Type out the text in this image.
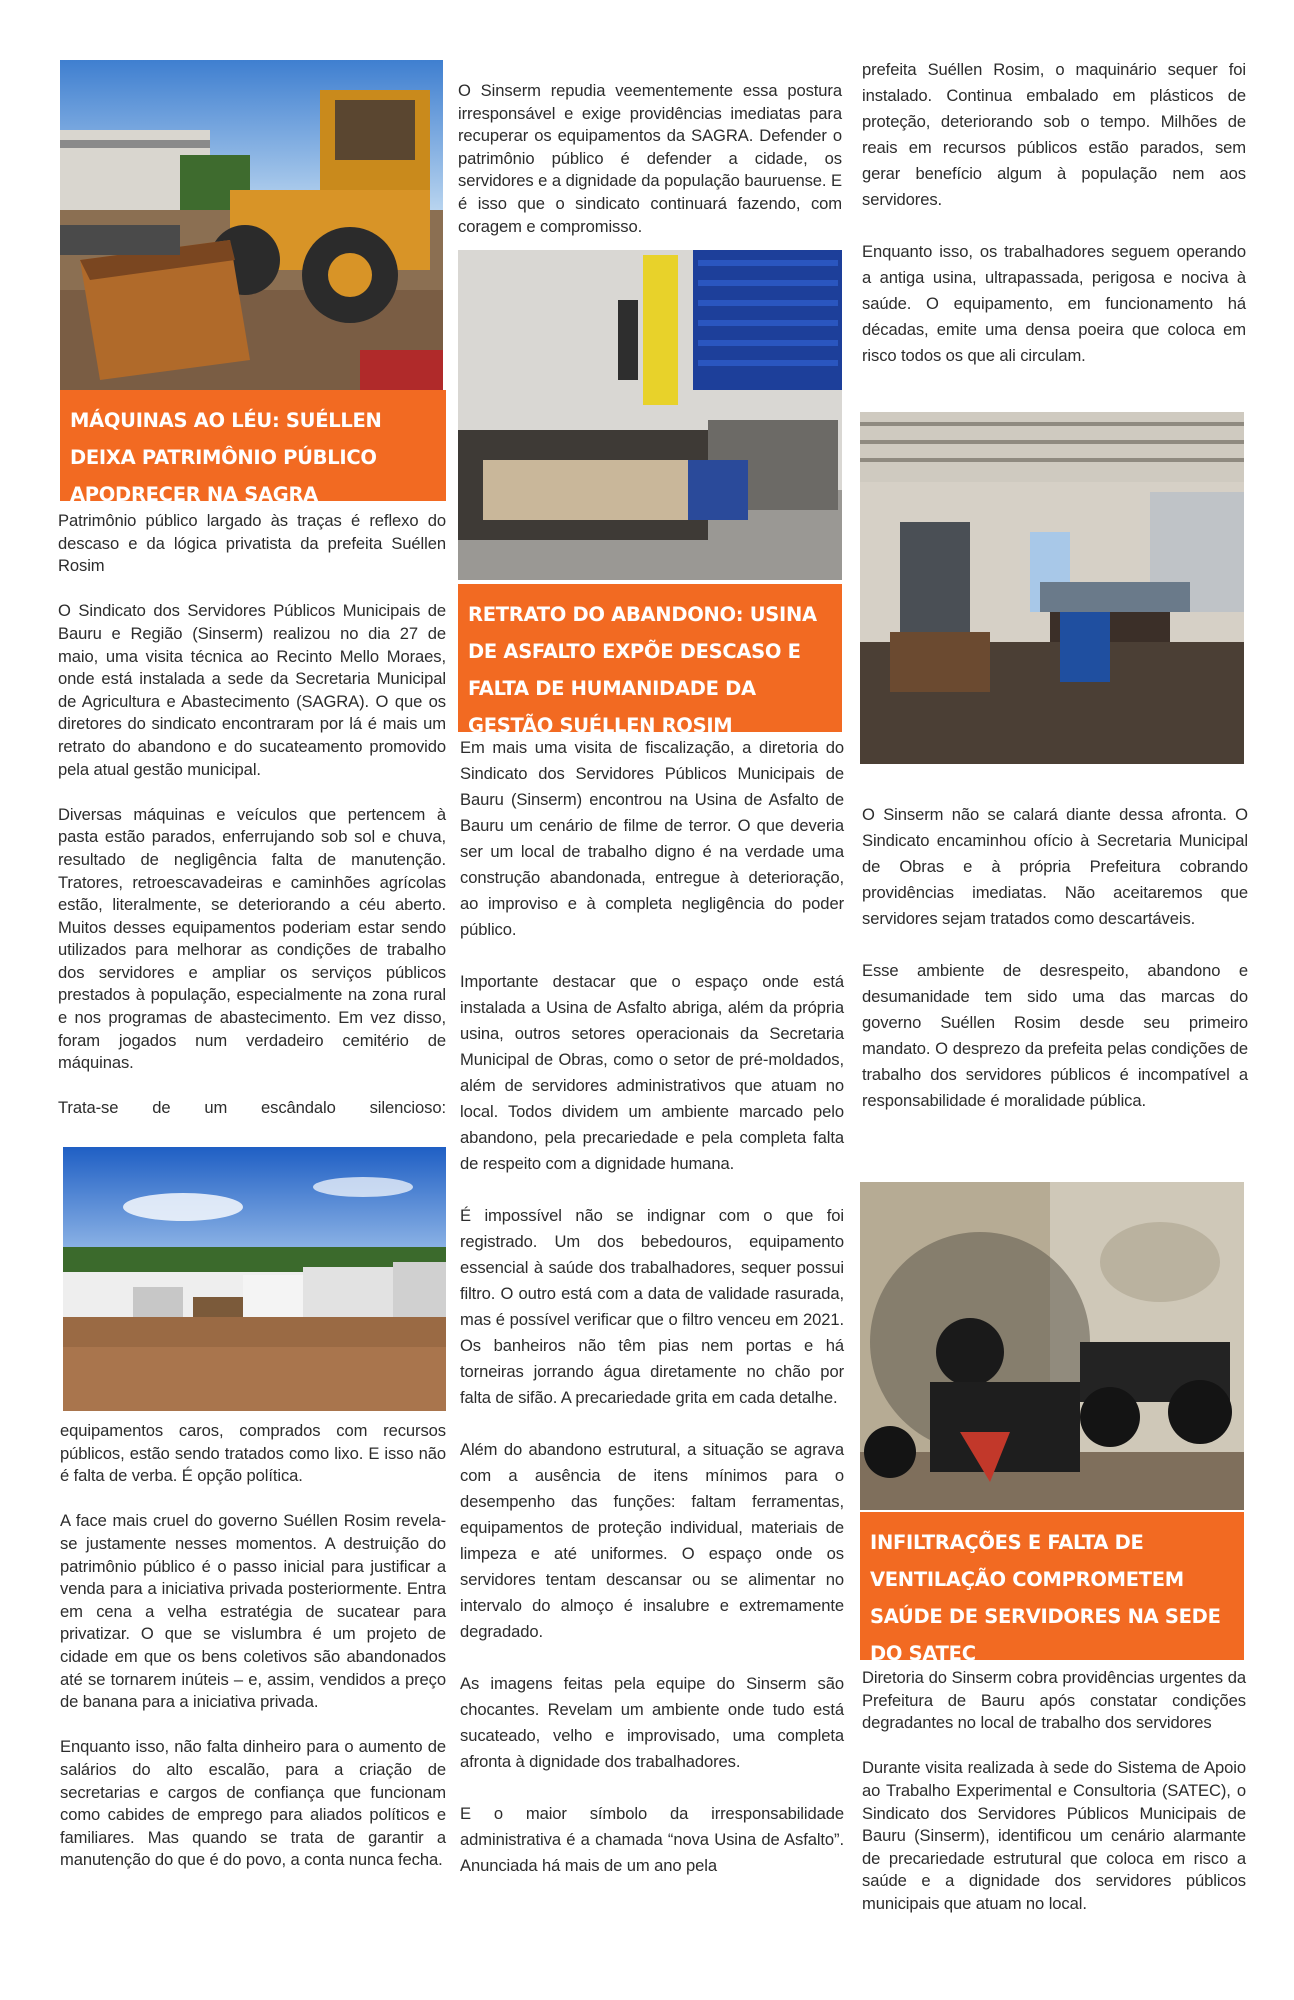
MÁQUINAS AO LÉU: SUÉLLEN DEIXA PATRIMÔNIO PÚBLICO APODRECER NA SAGRA

Patrimônio público largado às traças é reflexo do descaso e da lógica privatista da prefeita Suéllen Rosim

O Sindicato dos Servidores Públicos Municipais de Bauru e Região (Sinserm) realizou no dia 27 de maio, uma visita técnica ao Recinto Mello Moraes, onde está instalada a sede da Secretaria Municipal de Agricultura e Abastecimento (SAGRA). O que os diretores do sindicato encontraram por lá é mais um retrato do abandono e do sucateamento promovido pela atual gestão municipal.

Diversas máquinas e veículos que pertencem à pasta estão parados, enferrujando sob sol e chuva, resultado de negligência falta de manutenção. Tratores, retroescavadeiras e caminhões agrícolas estão, literalmente, se deteriorando a céu aberto. Muitos desses equipamentos poderiam estar sendo utilizados para melhorar as condições de trabalho dos servidores e ampliar os serviços públicos prestados à população, especialmente na zona rural e nos programas de abastecimento. Em vez disso, foram jogados num verdadeiro cemitério de máquinas.

Trata-se de um escândalo silencioso:

equipamentos caros, comprados com recursos públicos, estão sendo tratados como lixo. E isso não é falta de verba. É opção política.

A face mais cruel do governo Suéllen Rosim revela-se justamente nesses momentos. A destruição do patrimônio público é o passo inicial para justificar a venda para a iniciativa privada posteriormente. Entra em cena a velha estratégia de sucatear para privatizar. O que se vislumbra é um projeto de cidade em que os bens coletivos são abandonados até se tornarem inúteis – e, assim, vendidos a preço de banana para a iniciativa privada.

Enquanto isso, não falta dinheiro para o aumento de salários do alto escalão, para a criação de secretarias e cargos de confiança que funcionam como cabides de emprego para aliados políticos e familiares. Mas quando se trata de garantir a manutenção do que é do povo, a conta nunca fecha.

O Sinserm repudia veementemente essa postura irresponsável e exige providências imediatas para recuperar os equipamentos da SAGRA. Defender o patrimônio público é defender a cidade, os servidores e a dignidade da população bauruense. E é isso que o sindicato continuará fazendo, com coragem e compromisso.

RETRATO DO ABANDONO: USINA DE ASFALTO EXPÕE DESCASO E FALTA DE HUMANIDADE DA GESTÃO SUÉLLEN ROSIM

Em mais uma visita de fiscalização, a diretoria do Sindicato dos Servidores Públicos Municipais de Bauru (Sinserm) encontrou na Usina de Asfalto de Bauru um cenário de filme de terror. O que deveria ser um local de trabalho digno é na verdade uma construção abandonada, entregue à deterioração, ao improviso e à completa negligência do poder público.

Importante destacar que o espaço onde está instalada a Usina de Asfalto abriga, além da própria usina, outros setores operacionais da Secretaria Municipal de Obras, como o setor de pré-moldados, além de servidores administrativos que atuam no local. Todos dividem um ambiente marcado pelo abandono, pela precariedade e pela completa falta de respeito com a dignidade humana.

É impossível não se indignar com o que foi registrado. Um dos bebedouros, equipamento essencial à saúde dos trabalhadores, sequer possui filtro. O outro está com a data de validade rasurada, mas é possível verificar que o filtro venceu em 2021. Os banheiros não têm pias nem portas e há torneiras jorrando água diretamente no chão por falta de sifão. A precariedade grita em cada detalhe.

Além do abandono estrutural, a situação se agrava com a ausência de itens mínimos para o desempenho das funções: faltam ferramentas, equipamentos de proteção individual, materiais de limpeza e até uniformes. O espaço onde os servidores tentam descansar ou se alimentar no intervalo do almoço é insalubre e extremamente degradado.

As imagens feitas pela equipe do Sinserm são chocantes. Revelam um ambiente onde tudo está sucateado, velho e improvisado, uma completa afronta à dignidade dos trabalhadores.

E o maior símbolo da irresponsabilidade administrativa é a chamada “nova Usina de Asfalto”. Anunciada há mais de um ano pela

prefeita Suéllen Rosim, o maquinário sequer foi instalado. Continua embalado em plásticos de proteção, deteriorando sob o tempo. Milhões de reais em recursos públicos estão parados, sem gerar benefício algum à população nem aos servidores.

Enquanto isso, os trabalhadores seguem operando a antiga usina, ultrapassada, perigosa e nociva à saúde. O equipamento, em funcionamento há décadas, emite uma densa poeira que coloca em risco todos os que ali circulam.

O Sinserm não se calará diante dessa afronta. O Sindicato encaminhou ofício à Secretaria Municipal de Obras e à própria Prefeitura cobrando providências imediatas. Não aceitaremos que servidores sejam tratados como descartáveis.

Esse ambiente de desrespeito, abandono e desumanidade tem sido uma das marcas do governo Suéllen Rosim desde seu primeiro mandato. O desprezo da prefeita pelas condições de trabalho dos servidores públicos é incompatível a responsabilidade é moralidade pública.

INFILTRAÇÕES E FALTA DE VENTILAÇÃO COMPROMETEM SAÚDE DE SERVIDORES NA SEDE DO SATEC

Diretoria do Sinserm cobra providências urgentes da Prefeitura de Bauru após constatar condições degradantes no local de trabalho dos servidores

Durante visita realizada à sede do Sistema de Apoio ao Trabalho Experimental e Consultoria (SATEC), o Sindicato dos Servidores Públicos Municipais de Bauru (Sinserm), identificou um cenário alarmante de precariedade estrutural que coloca em risco a saúde e a dignidade dos servidores públicos municipais que atuam no local.
